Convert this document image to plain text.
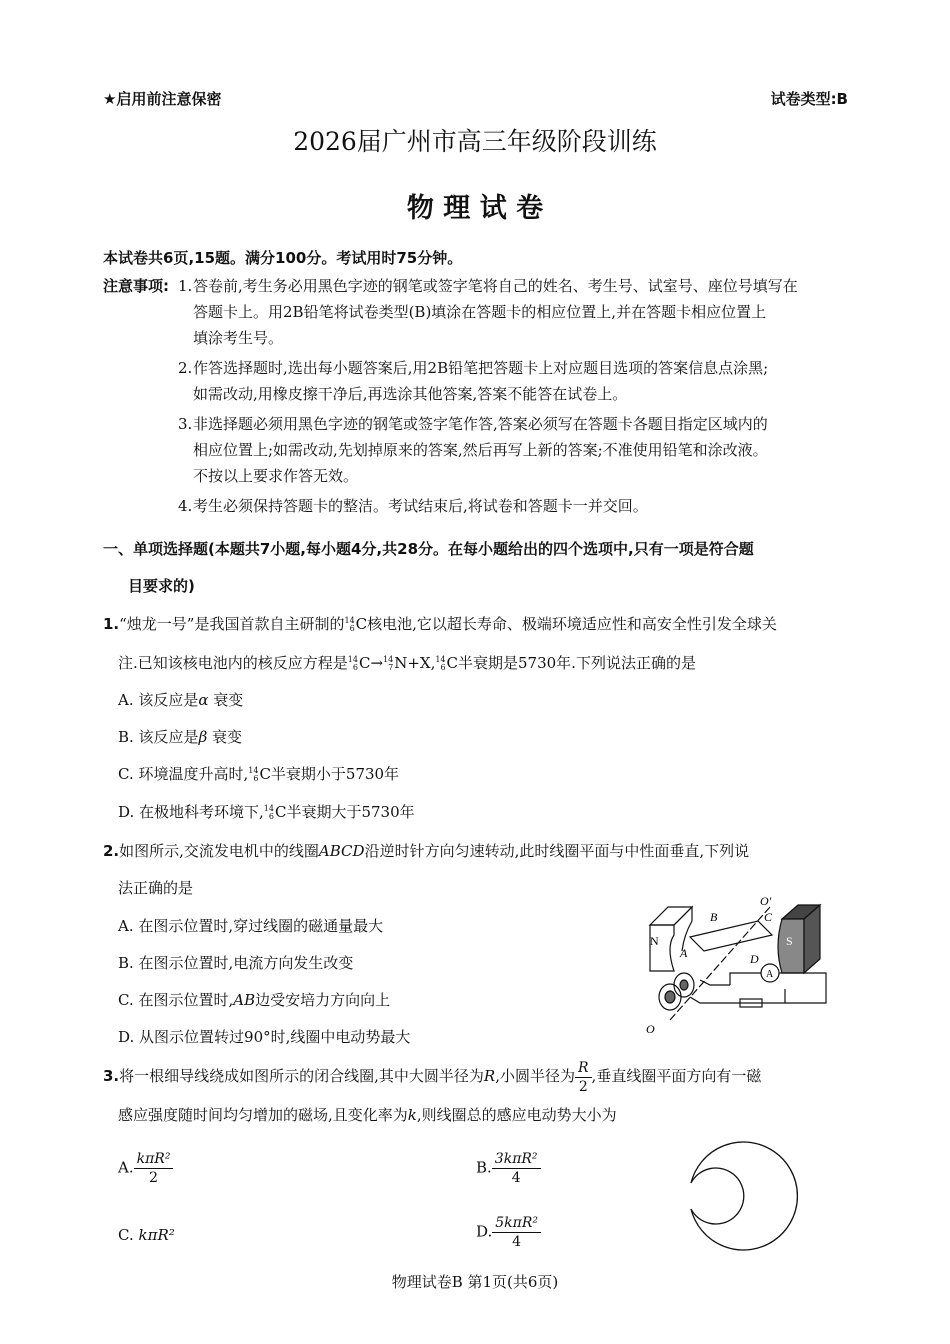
★启用前注意保密	试卷类型:B
2026届广州市高三年级阶段训练
物 理 试 卷
本试卷共6页,15题。满分100分。考试用时75分钟。
注意事项: 1. 答卷前,考生务必用黑色字迹的钢笔或签字笔将自己的姓名、考生号、试室号、座位号填写在
答题卡上。用2B铅笔将试卷类型(B)填涂在答题卡的相应位置上,并在答题卡相应位置上
填涂考生号。
2. 作答选择题时,选出每小题答案后,用2B铅笔把答题卡上对应题目选项的答案信息点涂黑;
如需改动,用橡皮擦干净后,再选涂其他答案,答案不能答在试卷上。
3. 非选择题必须用黑色字迹的钢笔或签字笔作答,答案必须写在答题卡各题目指定区域内的
相应位置上;如需改动,先划掉原来的答案,然后再写上新的答案;不准使用铅笔和涂改液。
不按以上要求作答无效。
4. 考生必须保持答题卡的整洁。考试结束后,将试卷和答题卡一并交回。
一、单项选择题(本题共7小题,每小题4分,共28分。在每小题给出的四个选项中,只有一项是符合题
目要求的)
1.“烛龙一号”是我国首款自主研制的 14
6 C核电池,它以超长寿命、极端环境适应性和高安全性引发全球关
注.已知该核电池内的核反应方程是 14
6 C→ 14
7 N+X, 14
6 C半衰期是5730年.下列说法正确的是
A. 该反应是α 衰变
B. 该反应是β 衰变
C. 环境温度升高时, 14
6 C半衰期小于5730年
D. 在极地科考环境下, 14
6 C半衰期大于5730年
2.如图所示,交流发电机中的线圈ABCD沿逆时针方向匀速转动,此时线圈平面与中性面垂直,下列说
法正确的是
A. 在图示位置时,穿过线圈的磁通量最大
B. 在图示位置时,电流方向发生改变
C. 在图示位置时,AB边受安培力方向向上
D. 从图示位置转过90°时,线圈中电动势最大
N	S
A
B	C
D
O′
O
A
3.将一根细导线绕成如图所示的闭合线圈,其中大圆半径为R,小圆半径为 $\frac{R}{2}$ ,垂直线圈平面方向有一磁
感应强度随时间均匀增加的磁场,且变化率为k,则线圈总的感应电动势大小为
A. $\frac{\text{kπR²}}{2}$	B. $\frac{\text{3kπR²}}{4}$
C. kπR²	D. $\frac{\text{5kπR²}}{4}$
物理试卷B 第1页(共6页)
